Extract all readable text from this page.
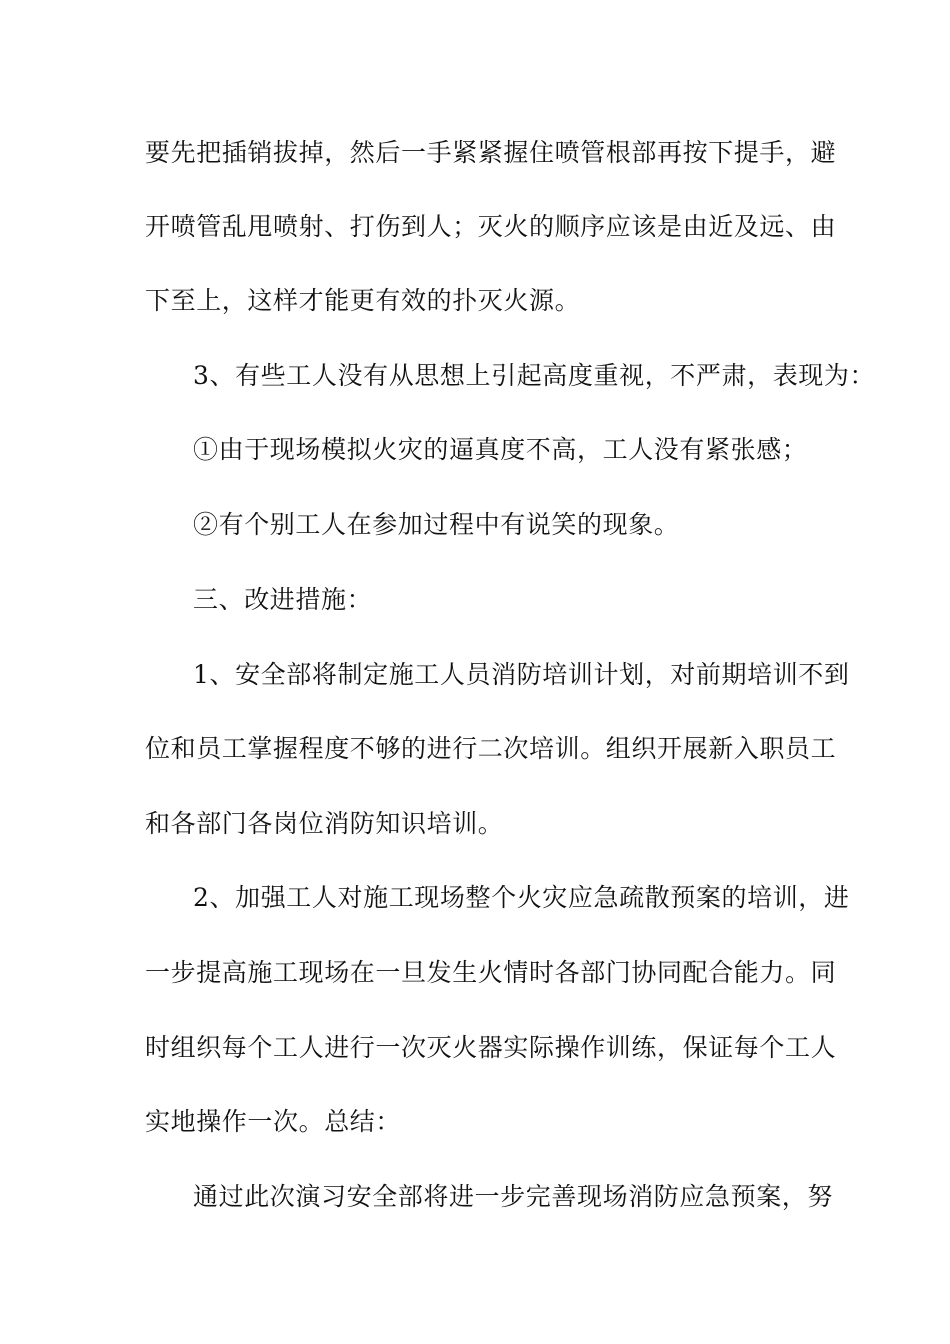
要先把插销拔掉，然后一手紧紧握住喷管根部再按下提手，避
开喷管乱甩喷射、打伤到人；灭火的顺序应该是由近及远、由
下至上，这样才能更有效的扑灭火源。
3、有些工人没有从思想上引起高度重视，不严肃，表现为：
①由于现场模拟火灾的逼真度不高，工人没有紧张感；
②有个别工人在参加过程中有说笑的现象。
三、改进措施：
1、安全部将制定施工人员消防培训计划，对前期培训不到
位和员工掌握程度不够的进行二次培训。组织开展新入职员工
和各部门各岗位消防知识培训。
2、加强工人对施工现场整个火灾应急疏散预案的培训，进
一步提高施工现场在一旦发生火情时各部门协同配合能力。同
时组织每个工人进行一次灭火器实际操作训练，保证每个工人
实地操作一次。总结：
通过此次演习安全部将进一步完善现场消防应急预案，努
